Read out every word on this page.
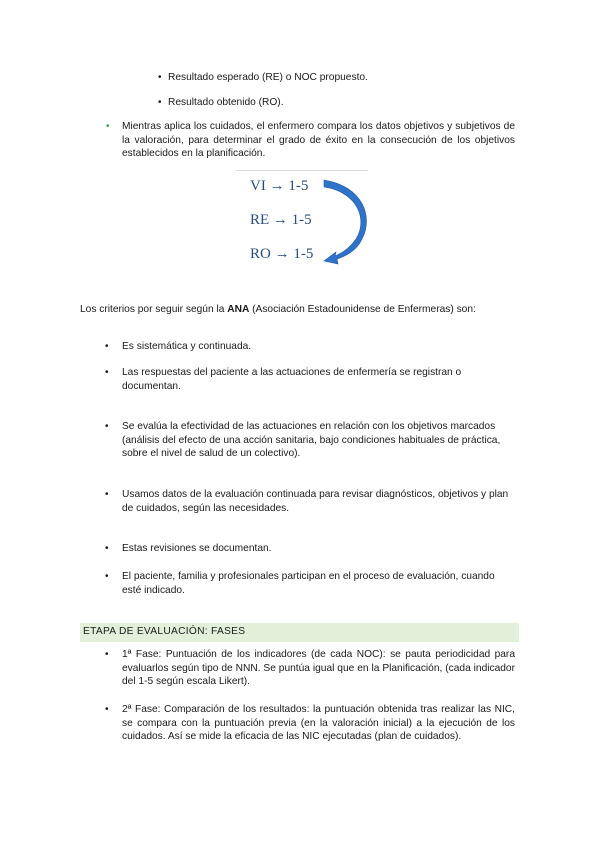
• Resultado esperado (RE) o NOC propuesto.
• Resultado obtenido (RO).
• Mientras aplica los cuidados, el enfermero compara los datos objetivos y subjetivos de la valoración, para determinar el grado de éxito en la consecución de los objetivos establecidos en la planificación.
VI → 1-5
RE → 1-5
RO → 1-5
Los criterios por seguir según la ANA (Asociación Estadounidense de Enfermeras) son:
• Es sistemática y continuada.
• Las respuestas del paciente a las actuaciones de enfermería se registran o documentan.
• Se evalúa la efectividad de las actuaciones en relación con los objetivos marcados (análisis del efecto de una acción sanitaria, bajo condiciones habituales de práctica, sobre el nivel de salud de un colectivo).
• Usamos datos de la evaluación continuada para revisar diagnósticos, objetivos y plan de cuidados, según las necesidades.
• Estas revisiones se documentan.
• El paciente, familia y profesionales participan en el proceso de evaluación, cuando esté indicado.
ETAPA DE EVALUACIÓN: FASES
• 1ª Fase: Puntuación de los indicadores (de cada NOC): se pauta periodicidad para evaluarlos según tipo de NNN. Se puntúa igual que en la Planificación, (cada indicador del 1-5 según escala Likert).
• 2ª Fase: Comparación de los resultados: la puntuación obtenida tras realizar las NIC, se compara con la puntuación previa (en la valoración inicial) a la ejecución de los cuidados. Así se mide la eficacia de las NIC ejecutadas (plan de cuidados).
